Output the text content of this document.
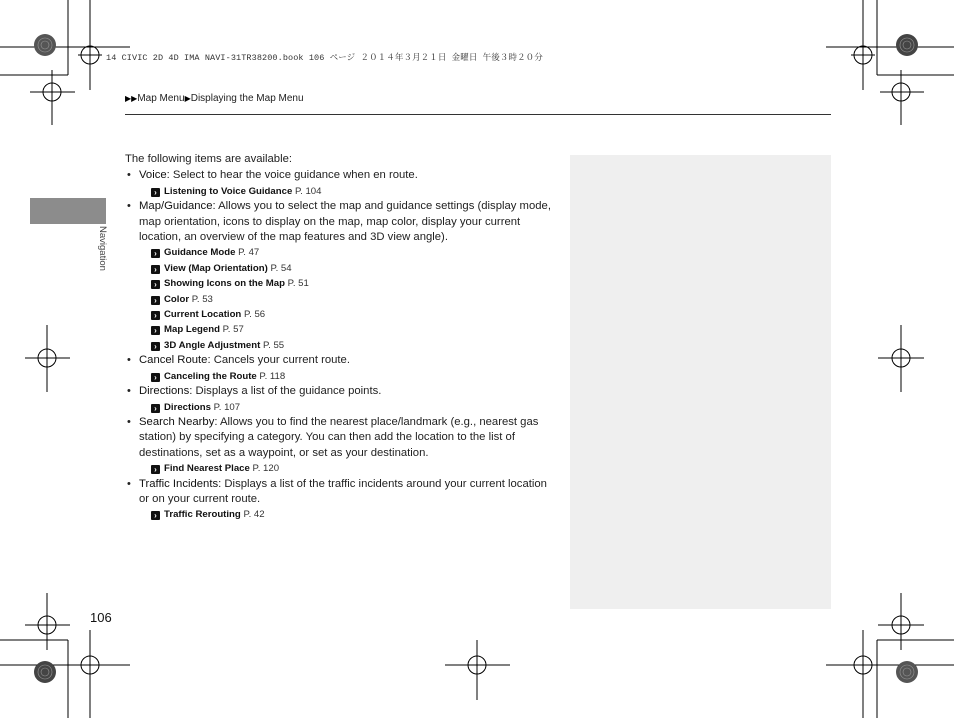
14 CIVIC 2D 4D IMA NAVI-31TR38200.book 106 ページ ２０１４年３月２１日 金曜日 午後３時２０分
▶▶Map Menu▶Displaying the Map Menu
Navigation

The following items are available:

• Voice: Select to hear the voice guidance when en route.

› Listening to Voice Guidance P. 104

• Map/Guidance: Allows you to select the map and guidance settings (display mode, map orientation, icons to display on the map, map color, display your current location, an overview of the map features and 3D view angle).

› Guidance Mode P. 47

› View (Map Orientation) P. 54

› Showing Icons on the Map P. 51

› Color P. 53

› Current Location P. 56

› Map Legend P. 57

› 3D Angle Adjustment P. 55

• Cancel Route: Cancels your current route.

› Canceling the Route P. 118

• Directions: Displays a list of the guidance points.

› Directions P. 107

• Search Nearby: Allows you to find the nearest place/landmark (e.g., nearest gas station) by specifying a category. You can then add the location to the list of destinations, set as a waypoint, or set as your destination.

› Find Nearest Place P. 120

• Traffic Incidents: Displays a list of the traffic incidents around your current location or on your current route.

› Traffic Rerouting P. 42

106
